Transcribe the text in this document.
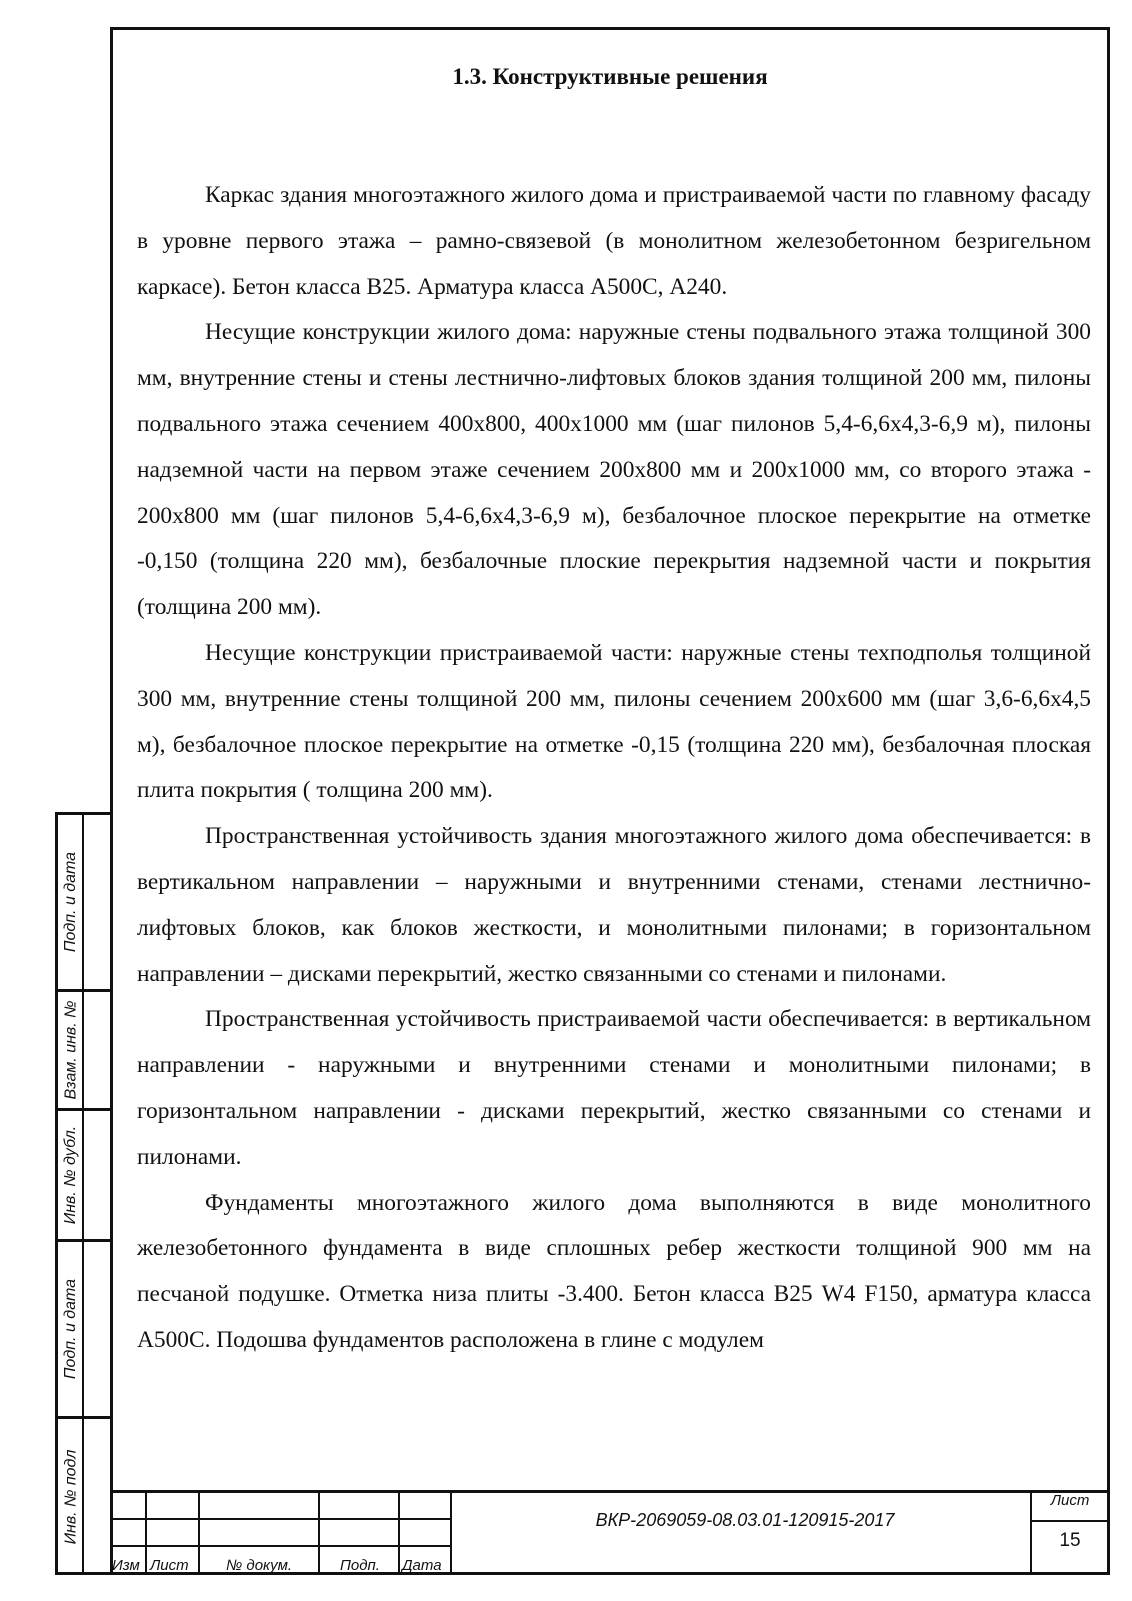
1.3. Конструктивные решения

Каркас здания многоэтажного жилого дома и пристраиваемой части по главному фасаду в уровне первого этажа – рамно-связевой (в монолитном железобетонном безригельном каркасе). Бетон класса В25. Арматура класса А500С, А240.

Несущие конструкции жилого дома: наружные стены подвального этажа толщиной 300 мм, внутренние стены и стены лестнично-лифтовых блоков здания толщиной 200 мм, пилоны подвального этажа сечением 400х800, 400х1000 мм (шаг пилонов 5,4-6,6х4,3-6,9 м), пилоны надземной части на первом этаже сечением 200х800 мм и 200х1000 мм, со второго этажа - 200х800 мм (шаг пилонов 5,4-6,6х4,3-6,9 м), безбалочное плоское перекрытие на отметке -0,150 (толщина 220 мм), безбалочные плоские перекрытия надземной части и покрытия (толщина 200 мм).

Несущие конструкции пристраиваемой части: наружные стены техподполья толщиной 300 мм, внутренние стены толщиной 200 мм, пилоны сечением 200х600 мм (шаг 3,6-6,6х4,5 м), безбалочное плоское перекрытие на отметке -0,15 (толщина 220 мм), безбалочная плоская плита покрытия ( толщина 200 мм).

Пространственная устойчивость здания многоэтажного жилого дома обеспечивается: в вертикальном направлении – наружными и внутренними стенами, стенами лестнично-лифтовых блоков, как блоков жесткости, и монолитными пилонами; в горизонтальном направлении – дисками перекрытий, жестко связанными со стенами и пилонами.

Пространственная устойчивость пристраиваемой части обеспечивается: в вертикальном направлении - наружными и внутренними стенами и монолитными пилонами; в горизонтальном направлении - дисками перекрытий, жестко связанными со стенами и пилонами.

Фундаменты многоэтажного жилого дома выполняются в виде монолитного железобетонного фундамента в виде сплошных ребер жесткости толщиной 900 мм на песчаной подушке. Отметка низа плиты -3.400. Бетон класса В25 W4 F150, арматура класса А500С. Подошва фундаментов расположена в глине с модулем

Подп. и дата
Взам. инв. №
Инв. № дубл.
Подп. и дата
Инв. № подл
Изм Лист № докум.	Подп. Дата
ВКР-2069059-08.03.01-120915-2017
Лист
15
